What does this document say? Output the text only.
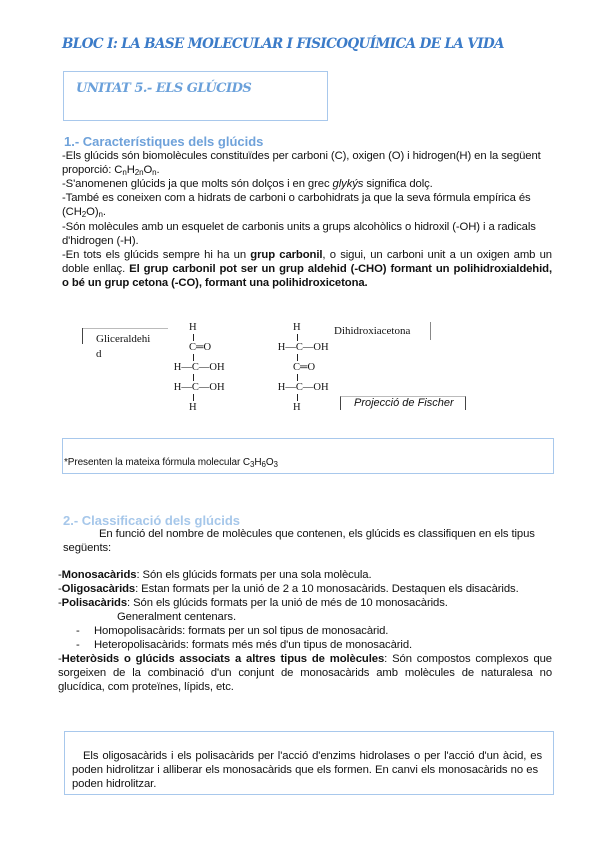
BLOC I: LA BASE MOLECULAR I FISICOQUÍMICA DE LA VIDA
UNITAT 5.- ELS GLÚCIDS
1.- Característiques dels glúcids
-Els glúcids són biomolècules constituïdes per carboni (C), oxigen (O) i hidrogen(H) en la següent
proporció: $C_nH_{2n}O_n$.
-S'anomenen glúcids ja que molts són dolços i en grec glykýs significa dolç.
-També es coneixen com a hidrats de carboni o carbohidrats ja que la seva fórmula empírica és
$(CH_2O)_n$.
-Són molècules amb un esquelet de carbonis units a grups alcohòlics o hidroxil (-OH) i a radicals
d'hidrogen (-H).
-En tots els glúcids sempre hi ha un grup carbonil, o sigui, un carboni unit a un oxigen amb un
doble enllaç. El grup carbonil pot ser un grup aldehid (-CHO) formant un polihidroxialdehid,
o bé un grup cetona (-CO), formant una polihidroxicetona.
Gliceraldehi
d
H
C═O
H—C—OH
H—C—OH
H
H
H—C—OH
C═O
H—C—OH
H
Dihidroxiacetona
Projecció de Fischer
*Presenten la mateixa fórmula molecular $C_3H_6O_3$
2.- Classificació dels glúcids
En funció del nombre de molècules que contenen, els glúcids es classifiquen en els tipus
següents:
-Monosacàrids: Són els glúcids formats per una sola molècula.
-Oligosacàrids: Estan formats per la unió de 2 a 10 monosacàrids. Destaquen els disacàrids.
-Polisacàrids: Són els glúcids formats per la unió de més de 10 monosacàrids.
Generalment centenars.
- Homopolisacàrids: formats per un sol tipus de monosacàrid.
- Heteropolisacàrids: formats més més d'un tipus de monosacàrid.
-Heteròsids o glúcids associats a altres tipus de molècules: Són compostos complexos que
sorgeixen de la combinació d'un conjunt de monosacàrids amb molècules de naturalesa no
glucídica, com proteïnes, lípids, etc.
Els oligosacàrids i els polisacàrids per l'acció d'enzims hidrolases o per l'acció d'un àcid, es
poden hidrolitzar i alliberar els monosacàrids que els formen. En canvi els monosacàrids no es
poden hidrolitzar.
